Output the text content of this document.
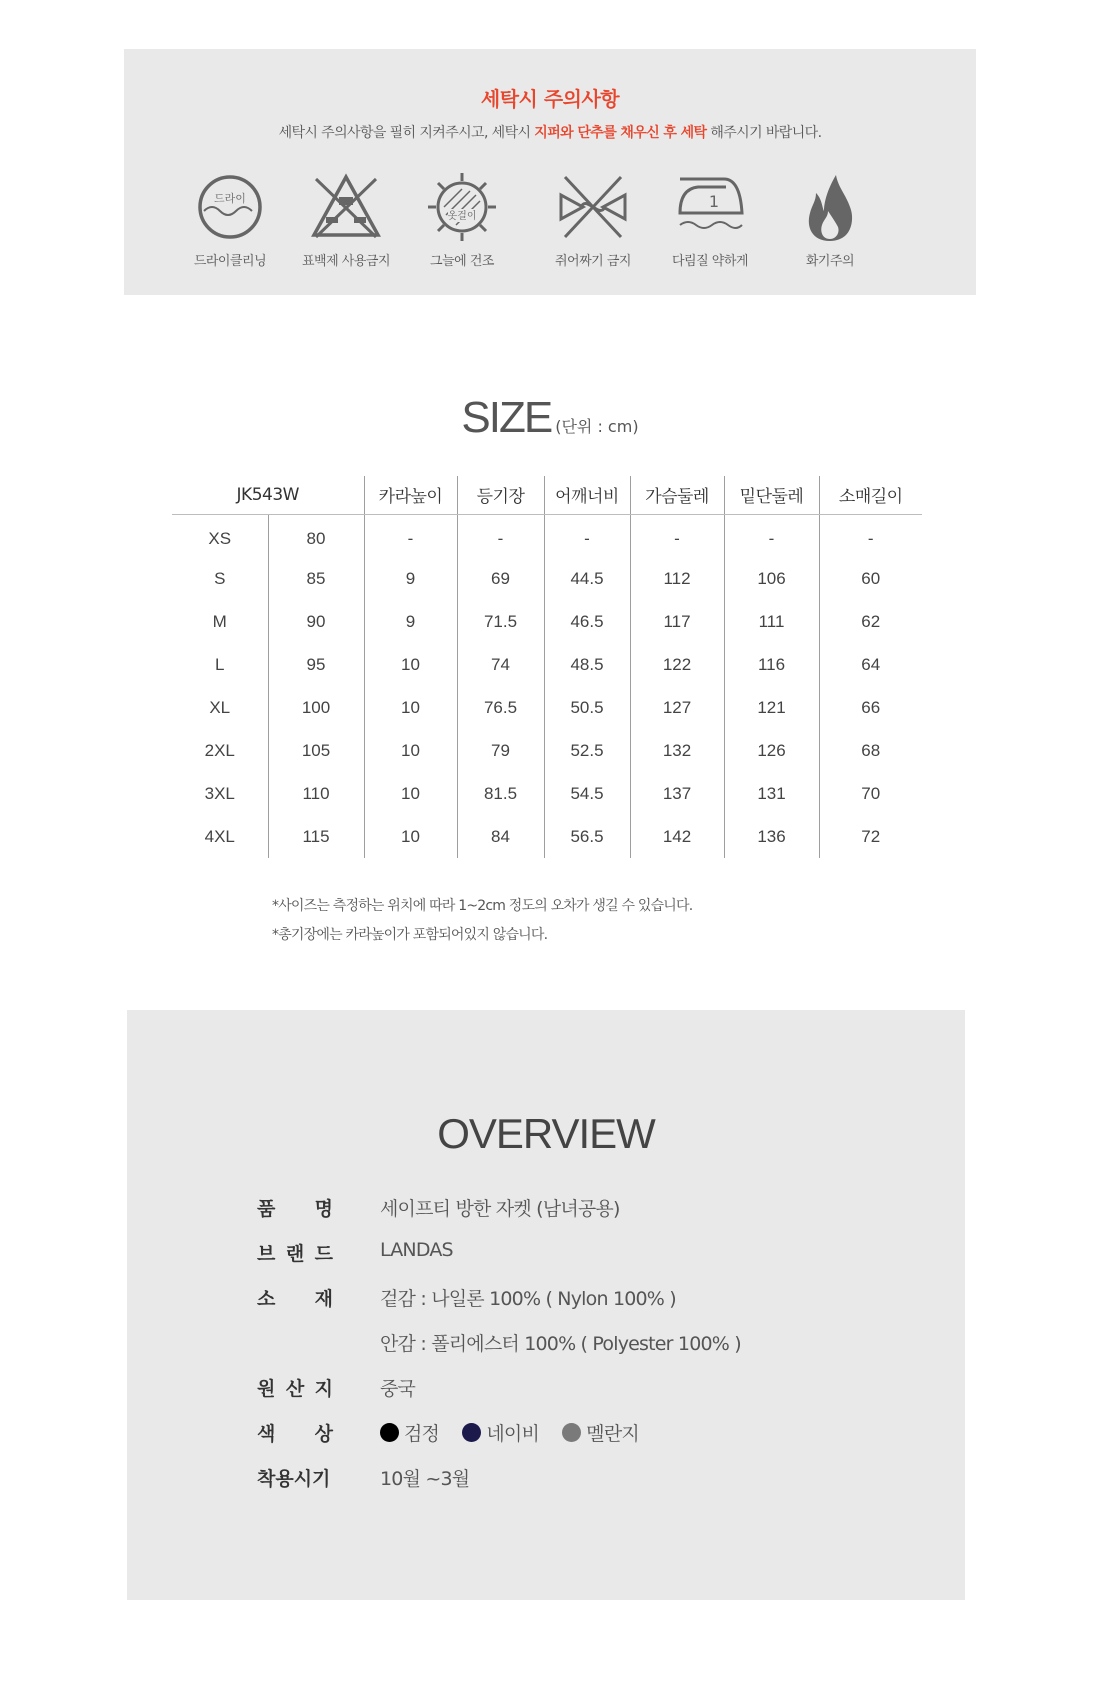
세탁시 주의사항
세탁시 주의사항을 필히 지켜주시고, 세탁시 지퍼와 단추를 채우신 후 세탁 해주시기 바랍니다.
드라이
드라이클리닝	표백제 사용금지
옷걸이
그늘에 건조	쥐어짜기 금지
1
다림질 약하게	화기주의
SIZE (단위 : cm)
JK543W		카라높이	등기장	어깨너비	가슴둘레	밑단둘레	소매길이
XS	80	-	-	-	-	-	-
S	85	9	69	44.5	112	106	60
M	90	9	71.5	46.5	117	111	62
L	95	10	74	48.5	122	116	64
XL	100	10	76.5	50.5	127	121	66
2XL	105	10	79	52.5	132	126	68
3XL	110	10	81.5	54.5	137	131	70
4XL	115	10	84	56.5	142	136	72
*사이즈는 측정하는 위치에 따라 1~2cm 정도의 오차가 생길 수 있습니다.
*총기장에는 카라높이가 포함되어있지 않습니다.
OVERVIEW
품 명 세이프티 방한 자켓 (남녀공용)
브 랜 드 LANDAS
소 재 겉감 : 나일론 100% ( Nylon 100% )
안감 : 폴리에스터 100% ( Polyester 100% )
원 산 지 중국
색 상	검정 네이비 멜란지
착용시기	10월 ~3월
